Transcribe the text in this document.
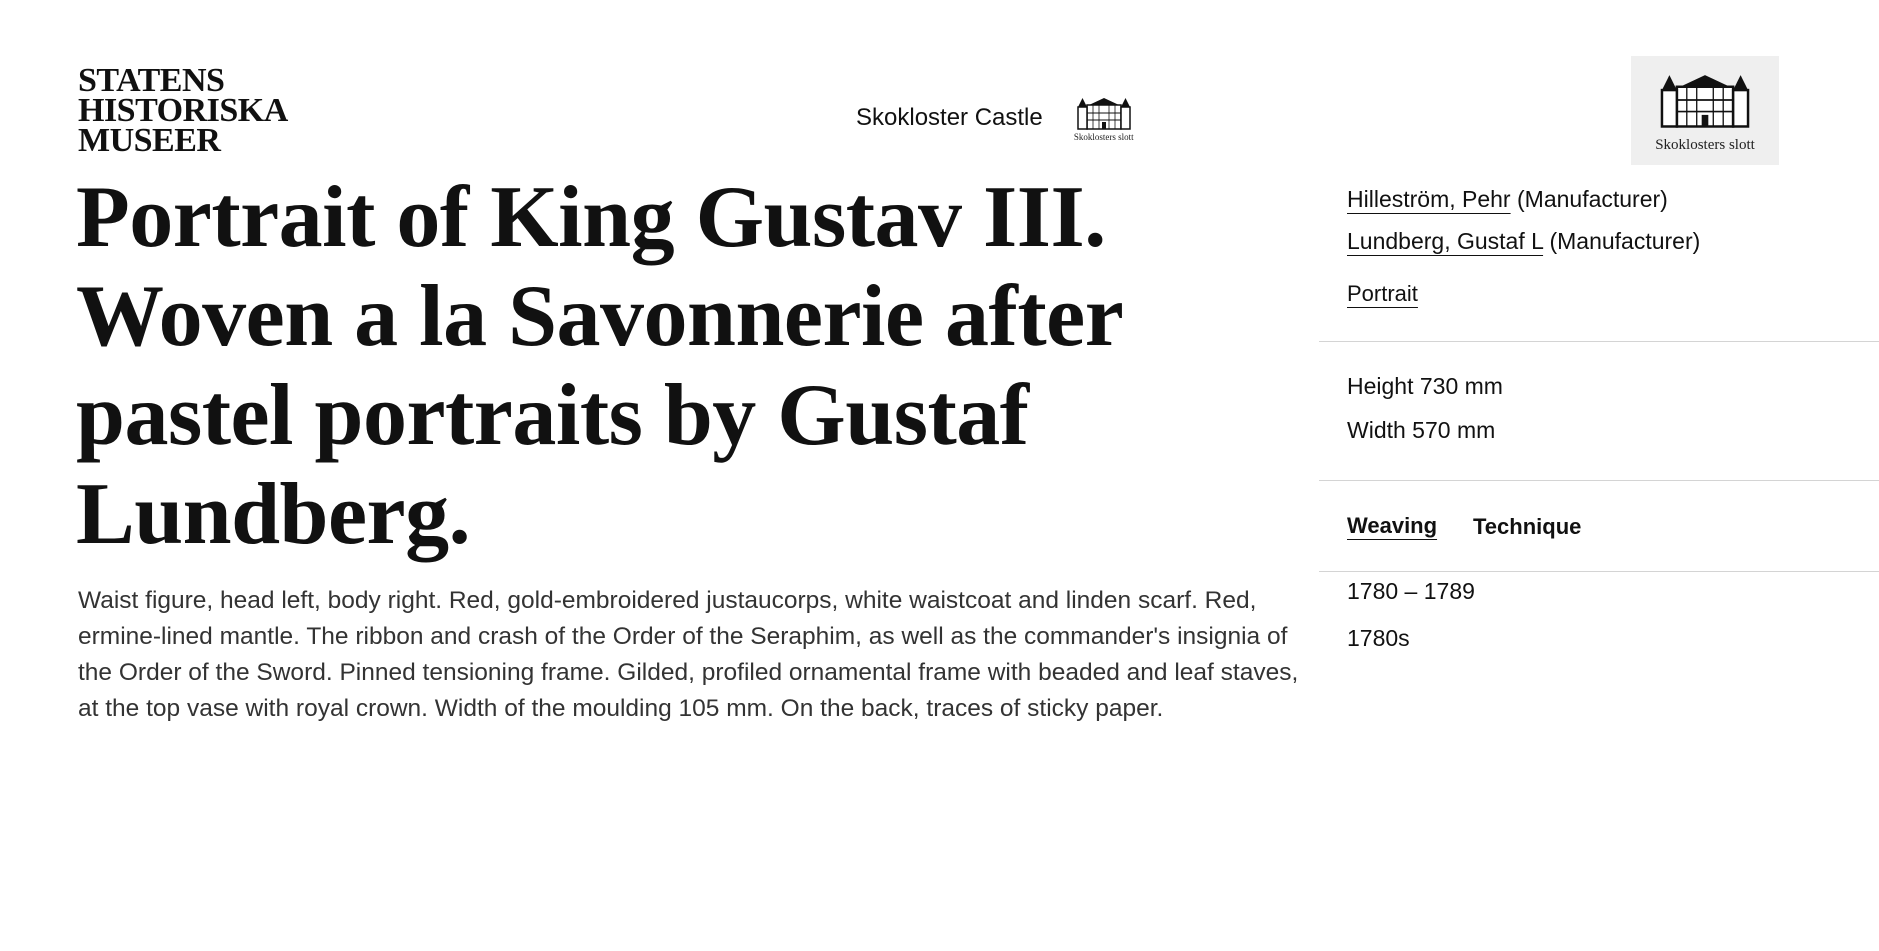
STATENS
HISTORISKA
MUSEER
Skokloster Castle
Skoklosters slott
Skoklosters slott
Portrait of King Gustav III. Woven a la Savonnerie after pastel portraits by Gustaf Lundberg.

Waist figure, head left, body right. Red, gold-embroidered justaucorps, white waistcoat and linden scarf. Red, ermine-lined mantle. The ribbon and crash of the Order of the Seraphim, as well as the commander's insignia of the Order of the Sword. Pinned tensioning frame. Gilded, profiled ornamental frame with beaded and leaf staves, at the top vase with royal crown. Width of the moulding 105 mm. On the back, traces of sticky paper.

Hilleström, Pehr (Manufacturer)
Lundberg, Gustaf L (Manufacturer)
Portrait
Height 730 mm
Width 570 mm
Weaving Technique
1780 – 1789
1780s
